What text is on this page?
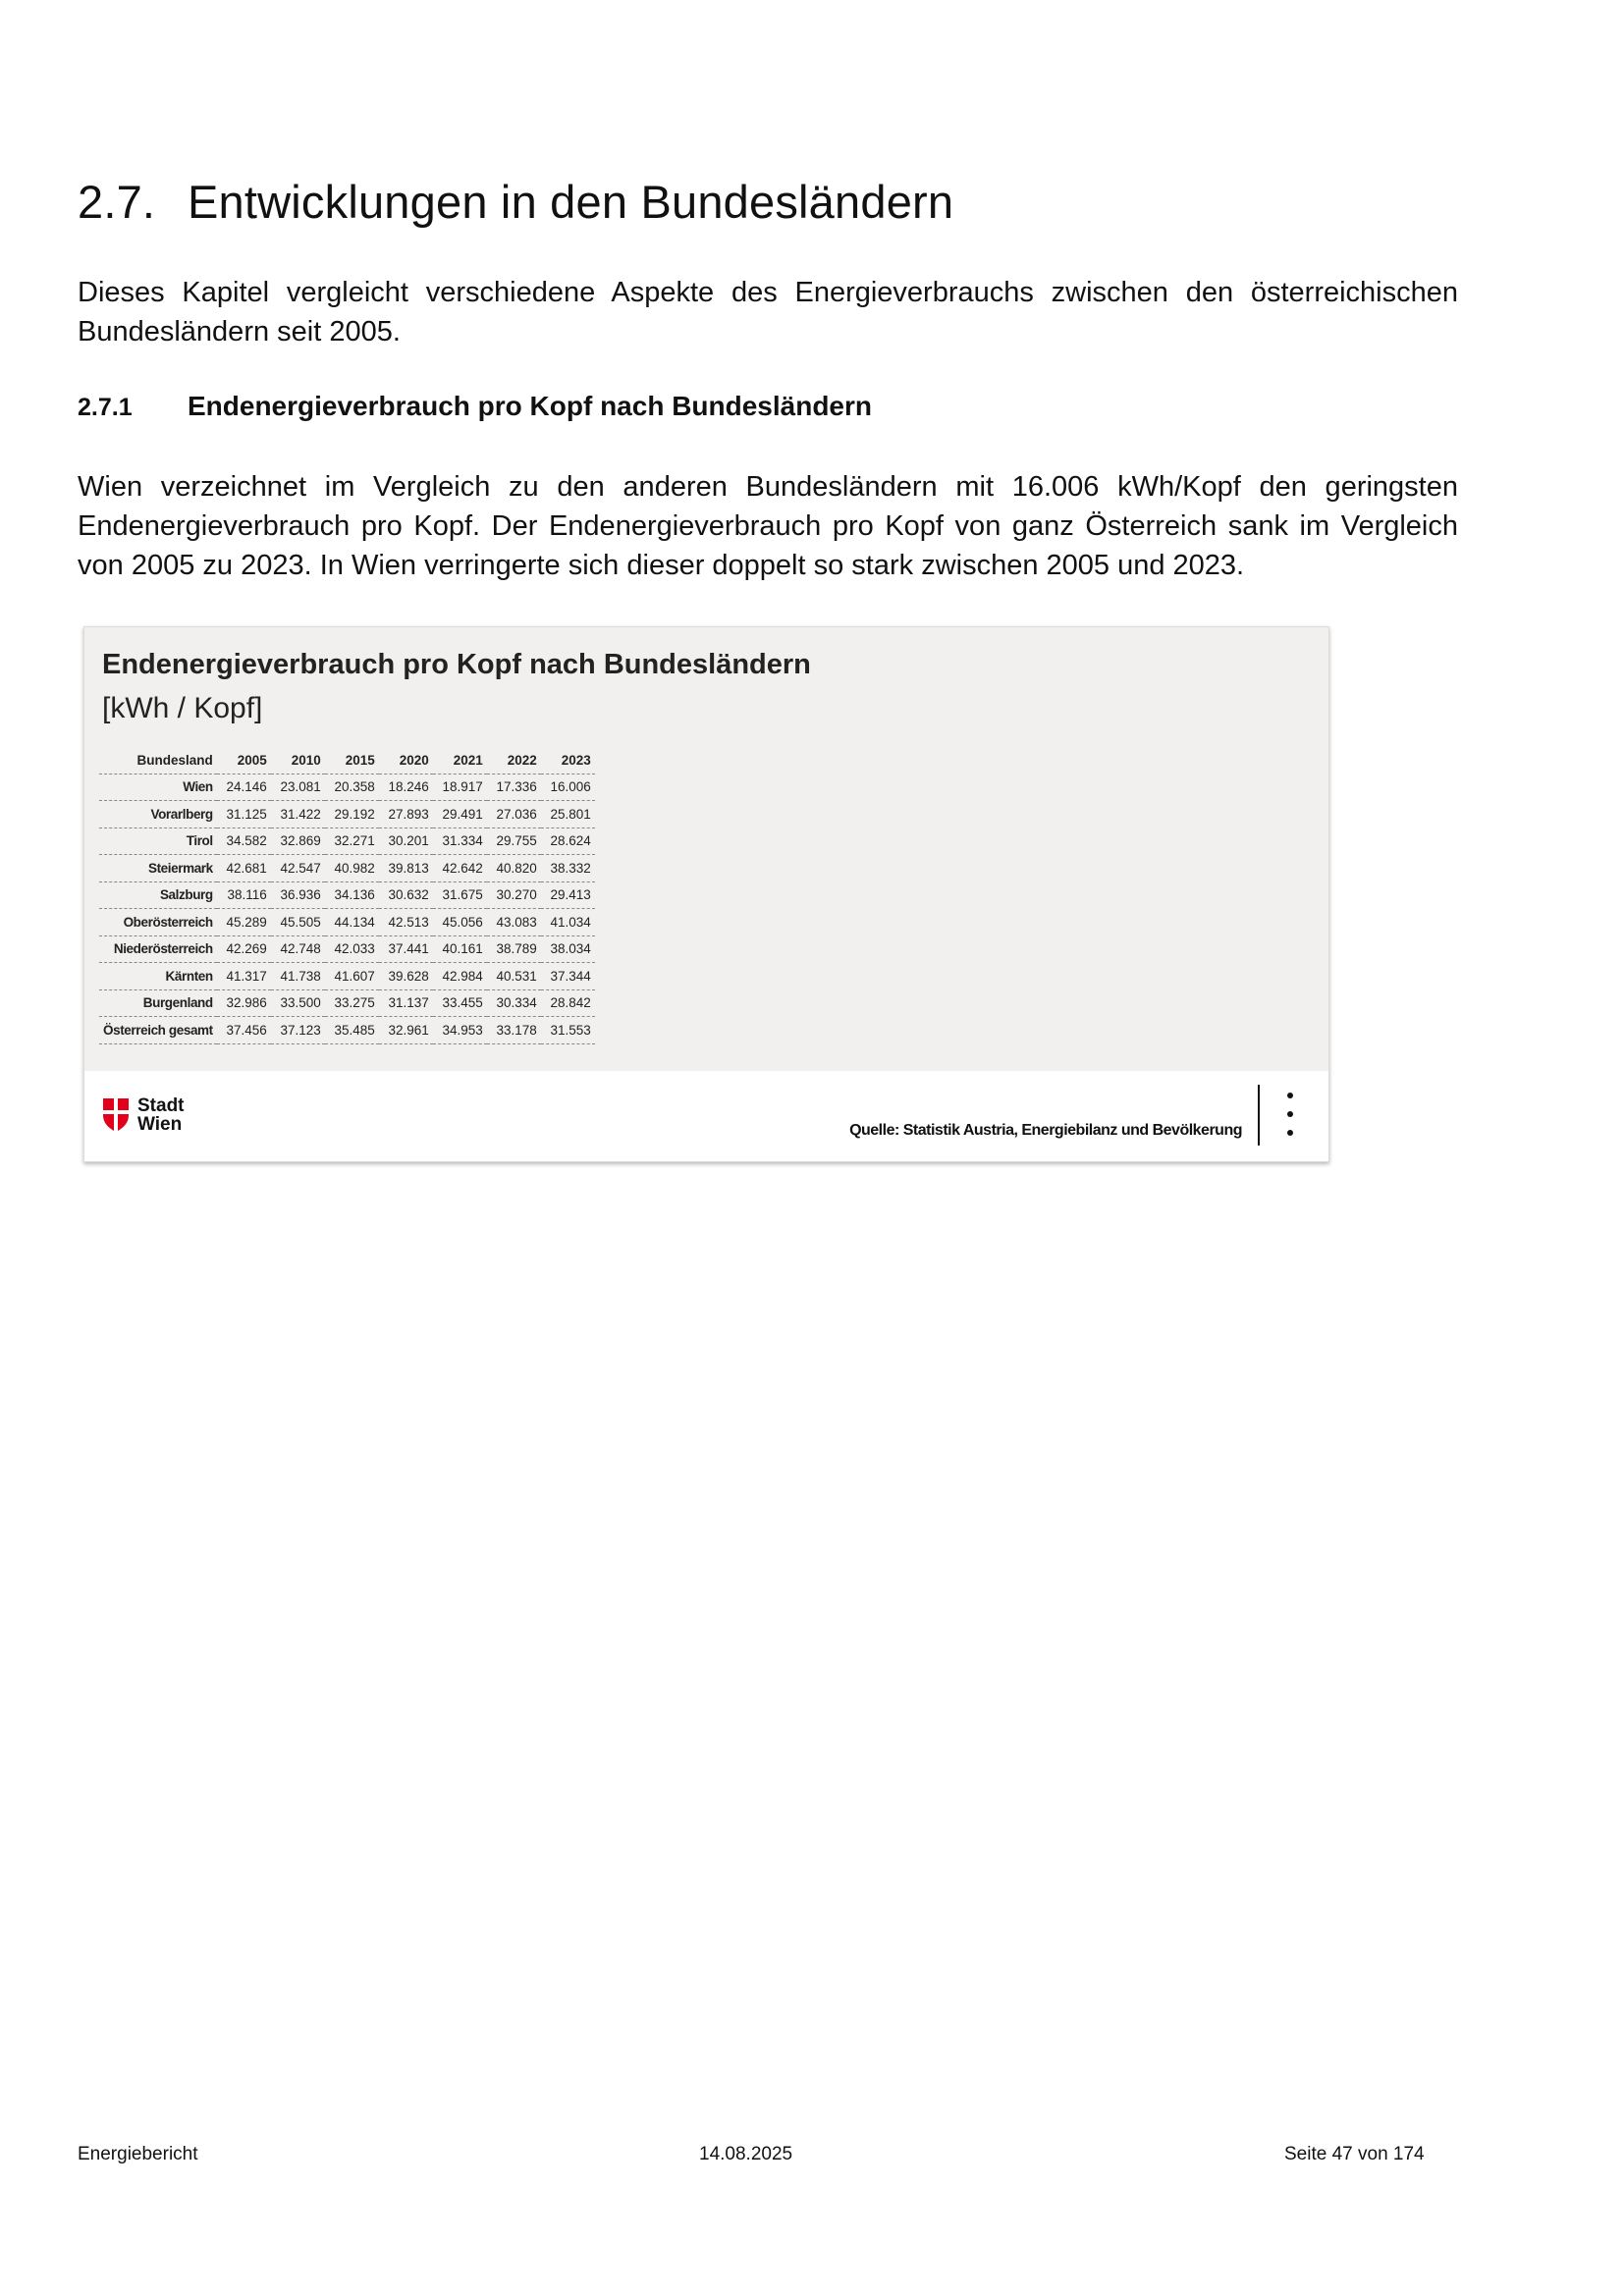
2.7. Entwicklungen in den Bundesländern

Dieses Kapitel vergleicht verschiedene Aspekte des Energieverbrauchs zwischen den österreichischen Bundesländern seit 2005.

2.7.1 Endenergieverbrauch pro Kopf nach Bundesländern

Wien verzeichnet im Vergleich zu den anderen Bundesländern mit 16.006 kWh/Kopf den geringsten Endenergieverbrauch pro Kopf. Der Endenergieverbrauch pro Kopf von ganz Österreich sank im Vergleich von 2005 zu 2023. In Wien verringerte sich dieser doppelt so stark zwischen 2005 und 2023.

Endenergieverbrauch pro Kopf nach Bundesländern

[kWh / Kopf]

Bundesland	2005	2010	2015	2020	2021	2022	2023
Wien	24.146	23.081	20.358	18.246	18.917	17.336	16.006
Vorarlberg	31.125	31.422	29.192	27.893	29.491	27.036	25.801
Tirol	34.582	32.869	32.271	30.201	31.334	29.755	28.624
Steiermark	42.681	42.547	40.982	39.813	42.642	40.820	38.332
Salzburg	38.116	36.936	34.136	30.632	31.675	30.270	29.413
Oberösterreich	45.289	45.505	44.134	42.513	45.056	43.083	41.034
Niederösterreich	42.269	42.748	42.033	37.441	40.161	38.789	38.034
Kärnten	41.317	41.738	41.607	39.628	42.984	40.531	37.344
Burgenland	32.986	33.500	33.275	31.137	33.455	30.334	28.842
Österreich gesamt	37.456	37.123	35.485	32.961	34.953	33.178	31.553
Stadt
Wien	Quelle: Statistik Austria, Energiebilanz und Bevölkerung
Energiebericht	14.08.2025	Seite 47 von 174
